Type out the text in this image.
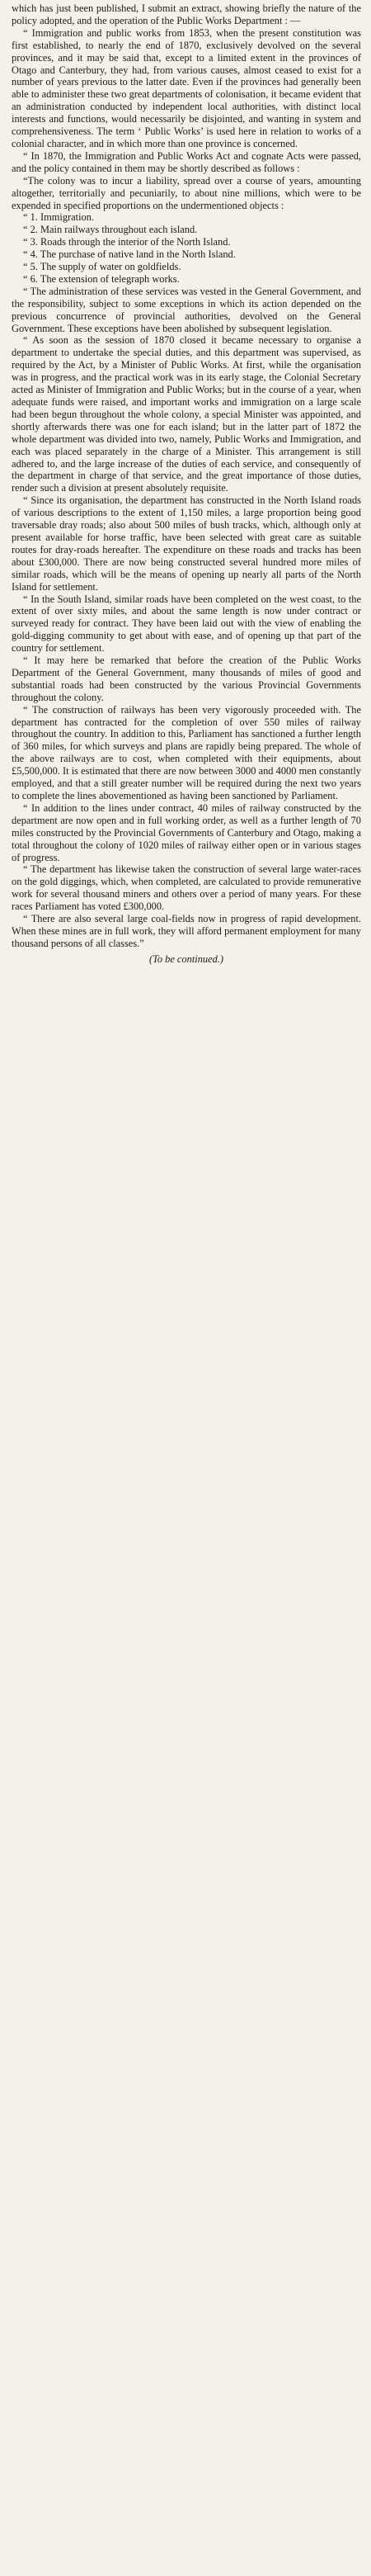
which has just been published, I submit an extract, showing briefly the nature of the policy adopted, and the operation of the Public Works Department : —

“ Immigration and public works from 1853, when the present constitution was first established, to nearly the end of 1870, exclusively devolved on the several provinces, and it may be said that, except to a limited extent in the provinces of Otago and Canterbury, they had, from various causes, almost ceased to exist for a number of years previous to the latter date. Even if the provinces had generally been able to administer these two great departments of colonisation, it became evident that an administration conducted by independent local authorities, with distinct local interests and functions, would necessarily be disjointed, and wanting in system and comprehensiveness. The term ‘ Public Works’ is used here in relation to works of a colonial character, and in which more than one province is concerned.

“ In 1870, the Immigration and Public Works Act and cognate Acts were passed, and the policy contained in them may be shortly described as follows :

“The colony was to incur a liability, spread over a course of years, amounting altogether, territorially and pecuniarily, to about nine millions, which were to be expended in specified proportions on the undermentioned objects :

“ 1. Immigration.

“ 2. Main railways throughout each island.

“ 3. Roads through the interior of the North Island.

“ 4. The purchase of native land in the North Island.

“ 5. The supply of water on goldfields.

“ 6. The extension of telegraph works.

“ The administration of these services was vested in the General Government, and the responsibility, subject to some exceptions in which its action depended on the previous concurrence of provincial authorities, devolved on the General Government. These exceptions have been abolished by subsequent legislation.

“ As soon as the session of 1870 closed it became necessary to organise a department to undertake the special duties, and this department was supervised, as required by the Act, by a Minister of Public Works. At first, while the organisation was in progress, and the practical work was in its early stage, the Colonial Secretary acted as Minister of Immigration and Public Works; but in the course of a year, when adequate funds were raised, and important works and immigration on a large scale had been begun throughout the whole colony, a special Minister was appointed, and shortly afterwards there was one for each island; but in the latter part of 1872 the whole department was divided into two, namely, Public Works and Immigration, and each was placed separately in the charge of a Minister. This arrangement is still adhered to, and the large increase of the duties of each service, and consequently of the department in charge of that service, and the great importance of those duties, render such a division at present absolutely requisite.

“ Since its organisation, the department has constructed in the North Island roads of various descriptions to the extent of 1,150 miles, a large proportion being good traversable dray roads; also about 500 miles of bush tracks, which, although only at present available for horse traffic, have been selected with great care as suitable routes for dray-roads hereafter. The expenditure on these roads and tracks has been about £300,000. There are now being constructed several hundred more miles of similar roads, which will be the means of opening up nearly all parts of the North Island for settlement.

“ In the South Island, similar roads have been completed on the west coast, to the extent of over sixty miles, and about the same length is now under contract or surveyed ready for contract. They have been laid out with the view of enabling the gold-digging community to get about with ease, and of opening up that part of the country for settlement.

“ It may here be remarked that before the creation of the Public Works Department of the General Government, many thousands of miles of good and substantial roads had been constructed by the various Provincial Governments throughout the colony.

“ The construction of railways has been very vigorously proceeded with. The department has contracted for the completion of over 550 miles of railway throughout the country. In addition to this, Parliament has sanctioned a further length of 360 miles, for which surveys and plans are rapidly being prepared. The whole of the above railways are to cost, when completed with their equipments, about £5,500,000. It is estimated that there are now between 3000 and 4000 men constantly employed, and that a still greater number will be required during the next two years to complete the lines abovementioned as having been sanctioned by Parliament.

“ In addition to the lines under contract, 40 miles of railway constructed by the department are now open and in full working order, as well as a further length of 70 miles constructed by the Provincial Governments of Canterbury and Otago, making a total throughout the colony of 1020 miles of railway either open or in various stages of progress.

“ The department has likewise taken the construction of several large water-races on the gold diggings, which, when completed, are calculated to provide remunerative work for several thousand miners and others over a period of many years. For these races Parliament has voted £300,000.

“ There are also several large coal-fields now in progress of rapid development. When these mines are in full work, they will afford permanent employment for many thousand persons of all classes.”

(To be continued.)
